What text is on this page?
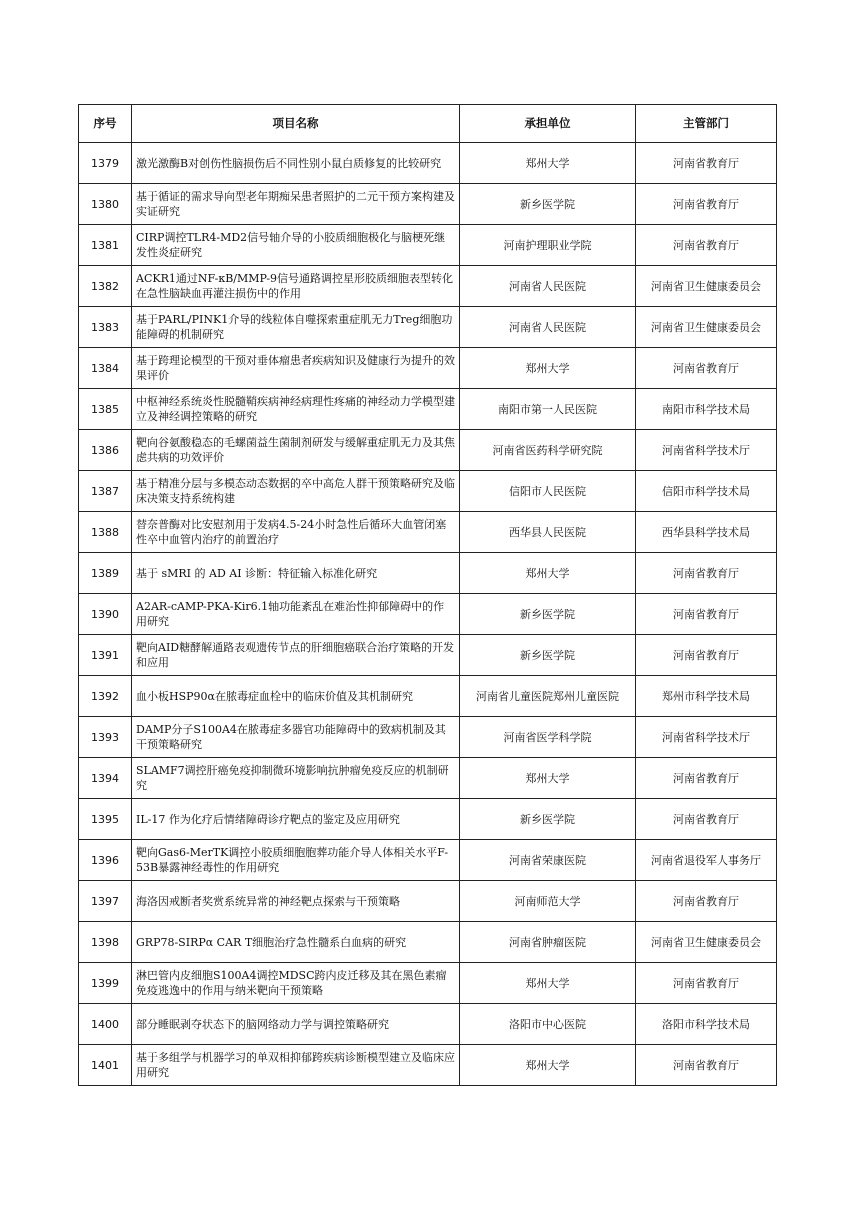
序号	项目名称	承担单位	主管部门
1379	激光激酶B对创伤性脑损伤后不同性别小鼠白质修复的比较研究	郑州大学	河南省教育厅
1380	基于循证的需求导向型老年期痴呆患者照护的二元干预方案构建及实证研究	新乡医学院	河南省教育厅
1381	CIRP调控TLR4-MD2信号轴介导的小胶质细胞极化与脑梗死继发性炎症研究	河南护理职业学院	河南省教育厅
1382	ACKR1通过NF-κB/MMP-9信号通路调控星形胶质细胞表型转化在急性脑缺血再灌注损伤中的作用	河南省人民医院	河南省卫生健康委员会
1383	基于PARL/PINK1介导的线粒体自噬探索重症肌无力Treg细胞功能障碍的机制研究	河南省人民医院	河南省卫生健康委员会
1384	基于跨理论模型的干预对垂体瘤患者疾病知识及健康行为提升的效果评价	郑州大学	河南省教育厅
1385	中枢神经系统炎性脱髓鞘疾病神经病理性疼痛的神经动力学模型建立及神经调控策略的研究	南阳市第一人民医院	南阳市科学技术局
1386	靶向谷氨酸稳态的毛螺菌益生菌制剂研发与缓解重症肌无力及其焦虑共病的功效评价	河南省医药科学研究院	河南省科学技术厅
1387	基于精准分层与多模态动态数据的卒中高危人群干预策略研究及临床决策支持系统构建	信阳市人民医院	信阳市科学技术局
1388	替奈普酶对比安慰剂用于发病4.5-24小时急性后循环大血管闭塞性卒中血管内治疗的前置治疗	西华县人民医院	西华县科学技术局
1389	基于 sMRI 的 AD AI 诊断：特征输入标准化研究	郑州大学	河南省教育厅
1390	A2AR-cAMP-PKA-Kir6.1轴功能紊乱在难治性抑郁障碍中的作用研究	新乡医学院	河南省教育厅
1391	靶向AID糖酵解通路表观遗传节点的肝细胞癌联合治疗策略的开发和应用	新乡医学院	河南省教育厅
1392	血小板HSP90α在脓毒症血栓中的临床价值及其机制研究	河南省儿童医院郑州儿童医院	郑州市科学技术局
1393	DAMP分子S100A4在脓毒症多器官功能障碍中的致病机制及其干预策略研究	河南省医学科学院	河南省科学技术厅
1394	SLAMF7调控肝癌免疫抑制微环境影响抗肿瘤免疫反应的机制研究	郑州大学	河南省教育厅
1395	IL-17 作为化疗后情绪障碍诊疗靶点的鉴定及应用研究	新乡医学院	河南省教育厅
1396	靶向Gas6-MerTK调控小胶质细胞胞葬功能介导人体相关水平F-53B暴露神经毒性的作用研究	河南省荣康医院	河南省退役军人事务厅
1397	海洛因戒断者奖赏系统异常的神经靶点探索与干预策略	河南师范大学	河南省教育厅
1398	GRP78-SIRPα CAR T细胞治疗急性髓系白血病的研究	河南省肿瘤医院	河南省卫生健康委员会
1399	淋巴管内皮细胞S100A4调控MDSC跨内皮迁移及其在黑色素瘤免疫逃逸中的作用与纳米靶向干预策略	郑州大学	河南省教育厅
1400	部分睡眠剥夺状态下的脑网络动力学与调控策略研究	洛阳市中心医院	洛阳市科学技术局
1401	基于多组学与机器学习的单双相抑郁跨疾病诊断模型建立及临床应用研究	郑州大学	河南省教育厅
